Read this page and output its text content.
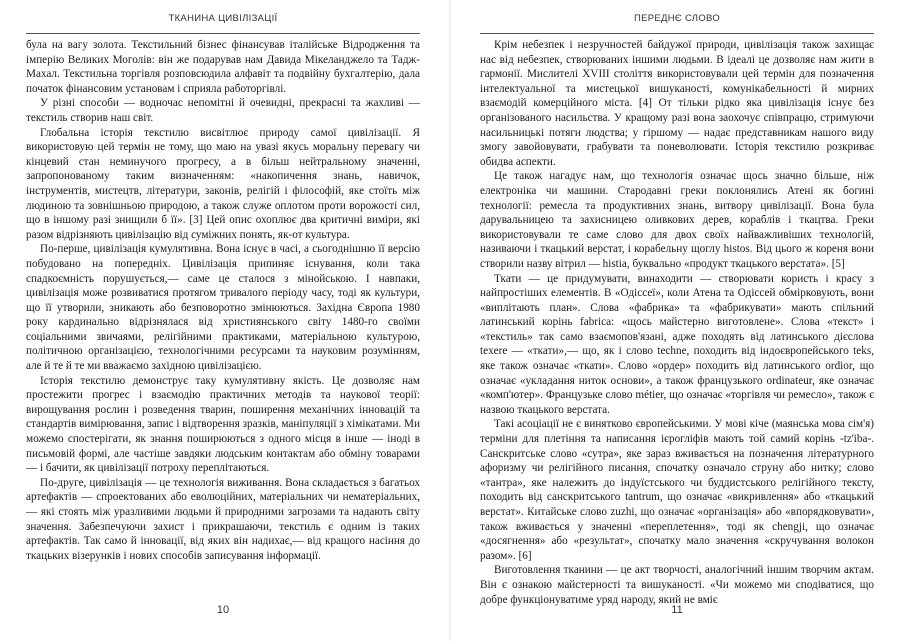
ТКАНИНА ЦИВІЛІЗАЦІЇ

була на вагу золота. Текстильний бізнес фінансував італійське Відродження та імперію Великих Моголів: він же подарував нам Давида Мікеланджело та Тадж-Махал. Текстильна торгівля розповсюдила алфавіт та подвійну бухгалтерію, дала початок фінансовим установам і сприяла работоргівлі.

У різні способи — водночас непомітні й очевидні, прекрасні та жахливі — текстиль створив наш світ.

Глобальна історія текстилю висвітлює природу самої цивілізації. Я використовую цей термін не тому, що маю на увазі якусь моральну перевагу чи кінцевий стан неминучого прогресу, а в більш нейтральному значенні, запропонованому таким визначенням: «накопичення знань, навичок, інструментів, мистецтв, літератури, законів, релігій і філософій, яке стоїть між людиною та зовнішньою природою, а також служе оплотом проти ворожості сил, що в іншому разі знищили б її». [3] Цей опис охоплює два критичні виміри, які разом відрізняють цивілізацію від суміжних понять, як-от культура.

По-перше, цивілізація кумулятивна. Вона існує в часі, а сьогоднішню її версію побудовано на попередніх. Цивілізація припиняє існування, коли така спадкоємність порушується,— саме це сталося з мінойською. І навпаки, цивілізація може розвиватися протягом тривалого періоду часу, тоді як культури, що її утворили, зникають або безповоротно змінюються. Західна Європа 1980 року кардинально відрізнялася від християнського світу 1480-го своїми соціальними звичаями, релігійними практиками, матеріальною культурою, політичною організацією, технологічними ресурсами та науковим розумінням, але й те й те ми вважаємо західною цивілізацією.

Історія текстилю демонструє таку кумулятивну якість. Це дозволяє нам простежити прогрес і взаємодію практичних методів та наукової теорії: вирощування рослин і розведення тварин, поширення механічних інновацій та стандартів вимірювання, запис і відтворення зразків, маніпуляції з хімікатами. Ми можемо спостерігати, як знання поширюються з одного місця в інше — іноді в письмовій формі, але частіше завдяки людським контактам або обміну товарами — і бачити, як цивілізації потроху переплітаються.

По-друге, цивілізація — це технологія виживання. Вона складається з багатьох артефактів — спроектованих або еволюційних, матеріальних чи нематеріальних,— які стоять між уразливими людьми й природними загрозами та надають світу значення. Забезпечуючи захист і прикрашаючи, текстиль є одним із таких артефактів. Так само й інновації, від яких він надихає,— від кращого насіння до ткацьких візерунків і нових способів записування інформації.

10
ПЕРЕДНЄ СЛОВО

Крім небезпек і незручностей байдужої природи, цивілізація також захищає нас від небезпек, створюваних іншими людьми. В ідеалі це дозволяє нам жити в гармонії. Мислителі XVIII століття використовували цей термін для позначення інтелектуальної та мистецької вишуканості, комунікабельності й мирних взаємодій комерційного міста. [4] От тільки рідко яка цивілізація існує без організованого насильства. У кращому разі вона заохочує співпрацю, стримуючи насильницькі потяги людства; у гіршому — надає представникам нашого виду змогу завойовувати, грабувати та поневолювати. Історія текстилю розкриває обидва аспекти.

Це також нагадує нам, що технологія означає щось значно більше, ніж електроніка чи машини. Стародавні греки поклонялись Атені як богині технології: ремесла та продуктивних знань, витвору цивілізації. Вона була дарувальницею та захисницею оливкових дерев, кораблів і ткацтва. Греки використовували те саме слово для двох своїх найважливіших технологій, називаючи і ткацький верстат, і корабельну щоглу histos. Від цього ж кореня вони створили назву вітрил — histia, буквально «продукт ткацького верстата». [5]

Ткати — це придумувати, винаходити — створювати користь і красу з найпростіших елементів. В «Одіссеї», коли Атена та Одіссей обмірковують, вони «виплітають план». Слова «фабрика» та «фабрикувати» мають спільний латинський корінь fabrica: «щось майстерно виготовлене». Слова «текст» і «текстиль» так само взаємопов'язані, адже походять від латинського дієслова texere — «ткати»,— що, як і слово techne, походить від індоєвропейського teks, яке також означає «ткати». Слово «ордер» походить від латинського ordior, що означає «укладання ниток основи», а також французького ordinateur, яке означає «комп'ютер». Французьке слово métier, що означає «торгівля чи ремесло», також є назвою ткацького верстата.

Такі асоціації не є винятково європейськими. У мові кіче (маянська мова сім'я) терміни для плетіння та написання ієрогліфів мають той самий корінь -tz'iba-. Санскритське слово «сутра», яке зараз вживається на позначення літературного афоризму чи релігійного писання, спочатку означало струну або нитку; слово «тантра», яке належить до індуїстського чи буддистського релігійного тексту, походить від санскритського tantrum, що означає «викривлення» або «ткацький верстат». Китайське слово zuzhi, що означає «організація» або «впорядковувати», також вживається у значенні «переплетення», тоді як chengji, що означає «досягнення» або «результат», спочатку мало значення «скручування волокон разом». [6]

Виготовлення тканини — це акт творчості, аналогічний іншим творчим актам. Він є ознакою майстерності та вишуканості. «Чи можемо ми сподіватися, що добре функціонуватиме уряд народу, який не вміє

11
